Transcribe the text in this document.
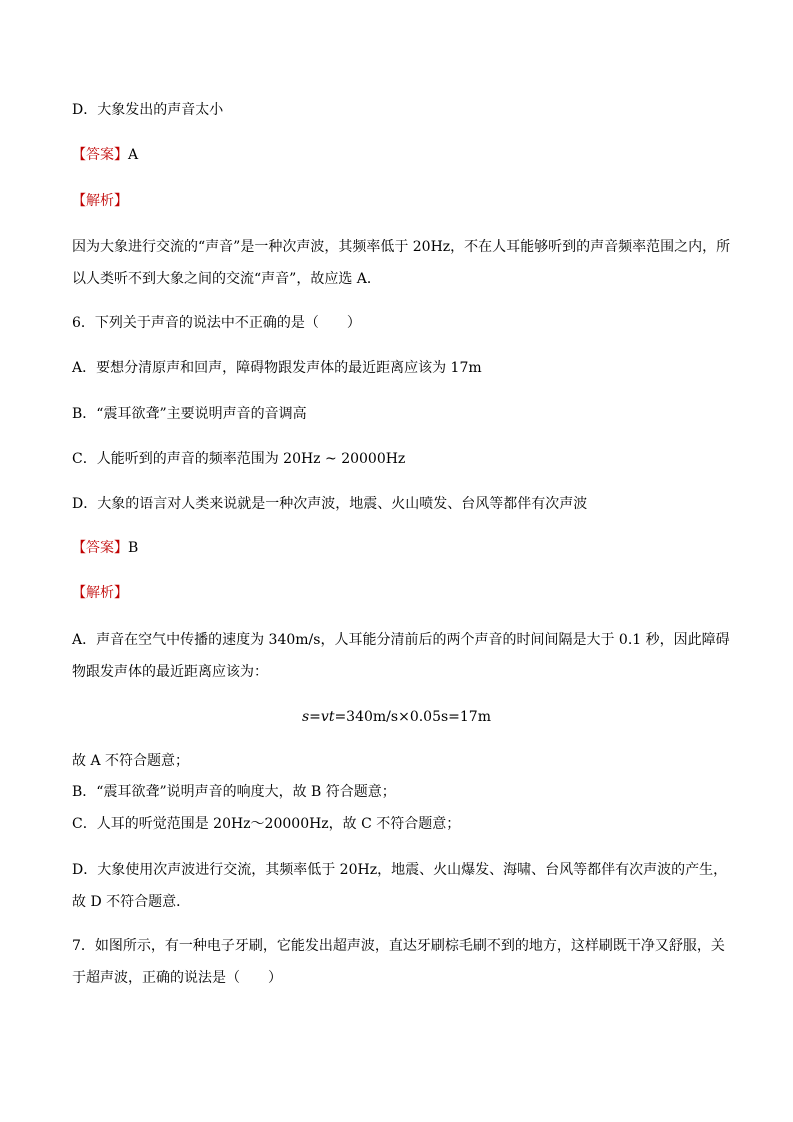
D．大象发出的声音太小
【答案】A
【解析】
因为大象进行交流的“声音”是一种次声波，其频率低于 20Hz，不在人耳能够听到的声音频率范围之内，所
以人类听不到大象之间的交流“声音”，故应选 A．
6．下列关于声音的说法中不正确的是（　　）
A．要想分清原声和回声，障碍物跟发声体的最近距离应该为 17m
B．“震耳欲聋”主要说明声音的音调高
C．人能听到的声音的频率范围为 20Hz ~ 20000Hz
D．大象的语言对人类来说就是一种次声波，地震、火山喷发、台风等都伴有次声波
【答案】B
【解析】
A．声音在空气中传播的速度为 340m/s，人耳能分清前后的两个声音的时间间隔是大于 0.1 秒，因此障碍
物跟发声体的最近距离应该为：
s=vt=340m/s×0.05s=17m
故 A 不符合题意；
B．“震耳欲聋”说明声音的响度大，故 B 符合题意；
C．人耳的听觉范围是 20Hz～20000Hz，故 C 不符合题意；
D．大象使用次声波进行交流，其频率低于 20Hz，地震、火山爆发、海啸、台风等都伴有次声波的产生，
故 D 不符合题意．
7．如图所示，有一种电子牙刷，它能发出超声波，直达牙刷棕毛刷不到的地方，这样刷既干净又舒服，关
于超声波，正确的说法是（　　）
